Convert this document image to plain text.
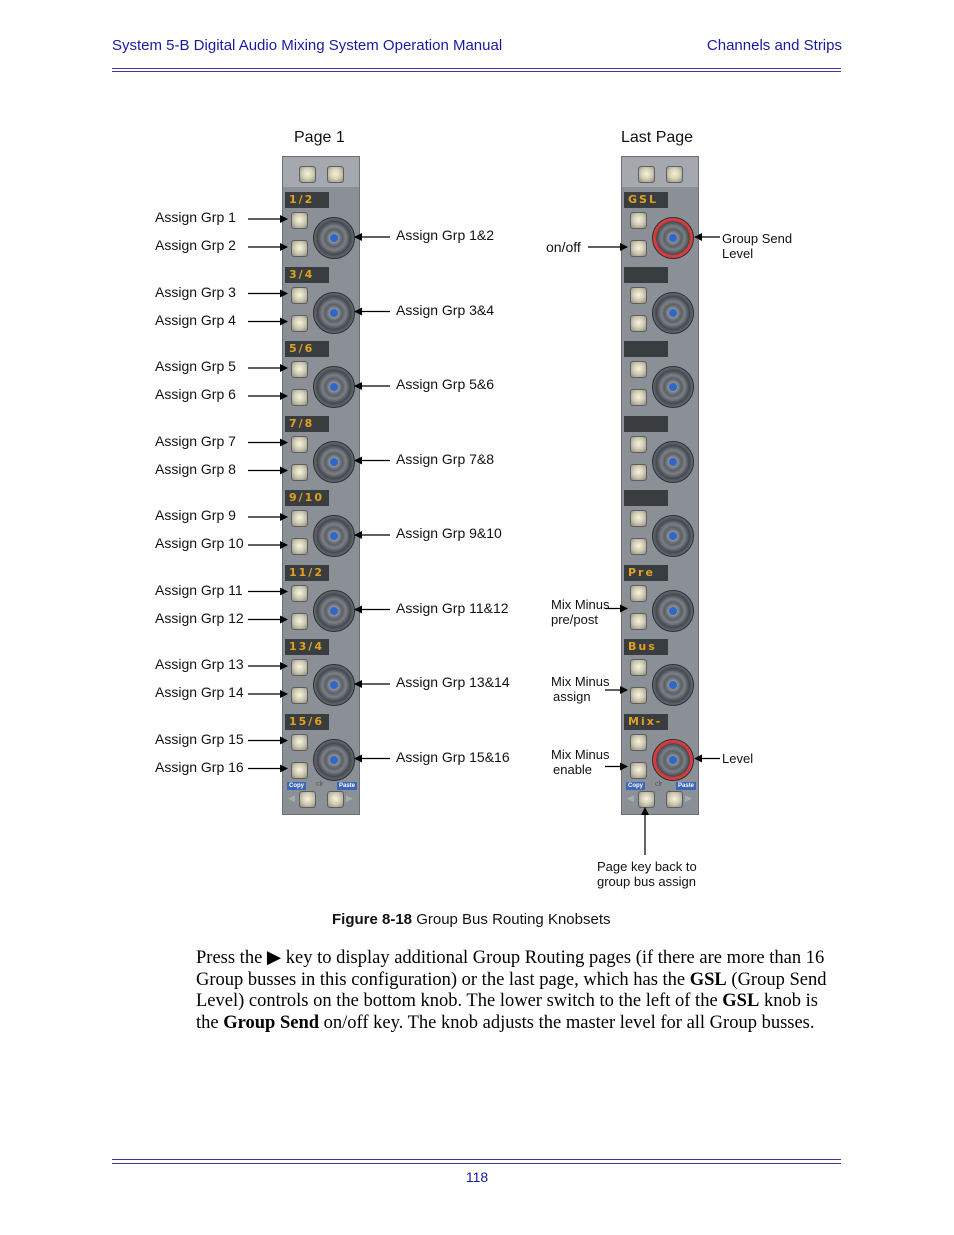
System 5-B Digital Audio Mixing System Operation Manual	Channels and Strips
Page 1	Last Page
1/2
3/4
5/6
7/8
9/10
11/2
13/4
15/6
Copy clr	Paste
◀	▶
GSL
Pre
Bus
Mix-
Copy clr	Paste
◀	▶
Assign Grp 1
Assign Grp 2
Assign Grp 3
Assign Grp 4
Assign Grp 5
Assign Grp 6
Assign Grp 7
Assign Grp 8
Assign Grp 9
Assign Grp 10
Assign Grp 11
Assign Grp 12
Assign Grp 13
Assign Grp 14
Assign Grp 15
Assign Grp 16
Assign Grp 1&2
Assign Grp 3&4
Assign Grp 5&6
Assign Grp 7&8
Assign Grp 9&10
Assign Grp 11&12
Assign Grp 13&14
Assign Grp 15&16
on/off
Group Send
Level
Mix Minus
pre/post
Mix Minus
assign
Mix Minus
enable
Level
Page key back to
group bus assign
Figure 8-18 Group Bus Routing Knobsets
Press the ▶ key to display additional Group Routing pages (if there are more than 16 Group busses in this configuration) or the last page, which has the GSL (Group Send Level) controls on the bottom knob. The lower switch to the left of the GSL knob is the Group Send on/off key. The knob adjusts the master level for all Group busses.
118
